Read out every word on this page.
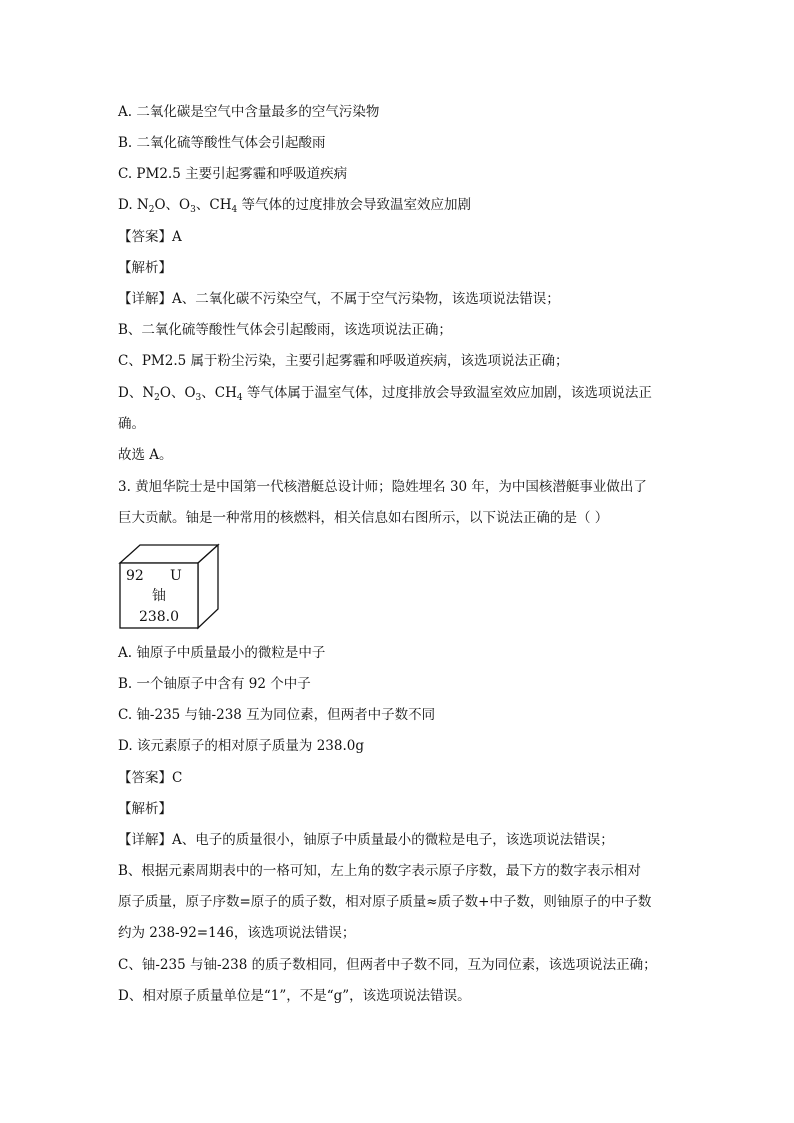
A. 二氧化碳是空气中含量最多的空气污染物
B. 二氧化硫等酸性气体会引起酸雨
C. PM2.5 主要引起雾霾和呼吸道疾病
D. $N_2O$、$O_3$、$CH_4$ 等气体的过度排放会导致温室效应加剧
【答案】A
【解析】
【详解】A、二氧化碳不污染空气，不属于空气污染物，该选项说法错误；
B、二氧化硫等酸性气体会引起酸雨，该选项说法正确；
C、PM2.5 属于粉尘污染，主要引起雾霾和呼吸道疾病，该选项说法正确；
D、$N_2O$、$O_3$、$CH_4$ 等气体属于温室气体，过度排放会导致温室效应加剧，该选项说法正
确。
故选 A。
3. 黄旭华院士是中国第一代核潜艇总设计师；隐姓埋名 30 年，为中国核潜艇事业做出了
巨大贡献。铀是一种常用的核燃料，相关信息如右图所示，以下说法正确的是（ ）
92 U
铀
238.0
A. 铀原子中质量最小的微粒是中子
B. 一个铀原子中含有 92 个中子
C. 铀-235 与铀-238 互为同位素，但两者中子数不同
D. 该元素原子的相对原子质量为 238.0g
【答案】C
【解析】
【详解】A、电子的质量很小，铀原子中质量最小的微粒是电子，该选项说法错误；
B、根据元素周期表中的一格可知，左上角的数字表示原子序数，最下方的数字表示相对
原子质量，原子序数=原子的质子数，相对原子质量≈质子数+中子数，则铀原子的中子数
约为 238-92=146，该选项说法错误；
C、铀-235 与铀-238 的质子数相同，但两者中子数不同，互为同位素，该选项说法正确；
D、相对原子质量单位是“1”，不是“g”，该选项说法错误。
